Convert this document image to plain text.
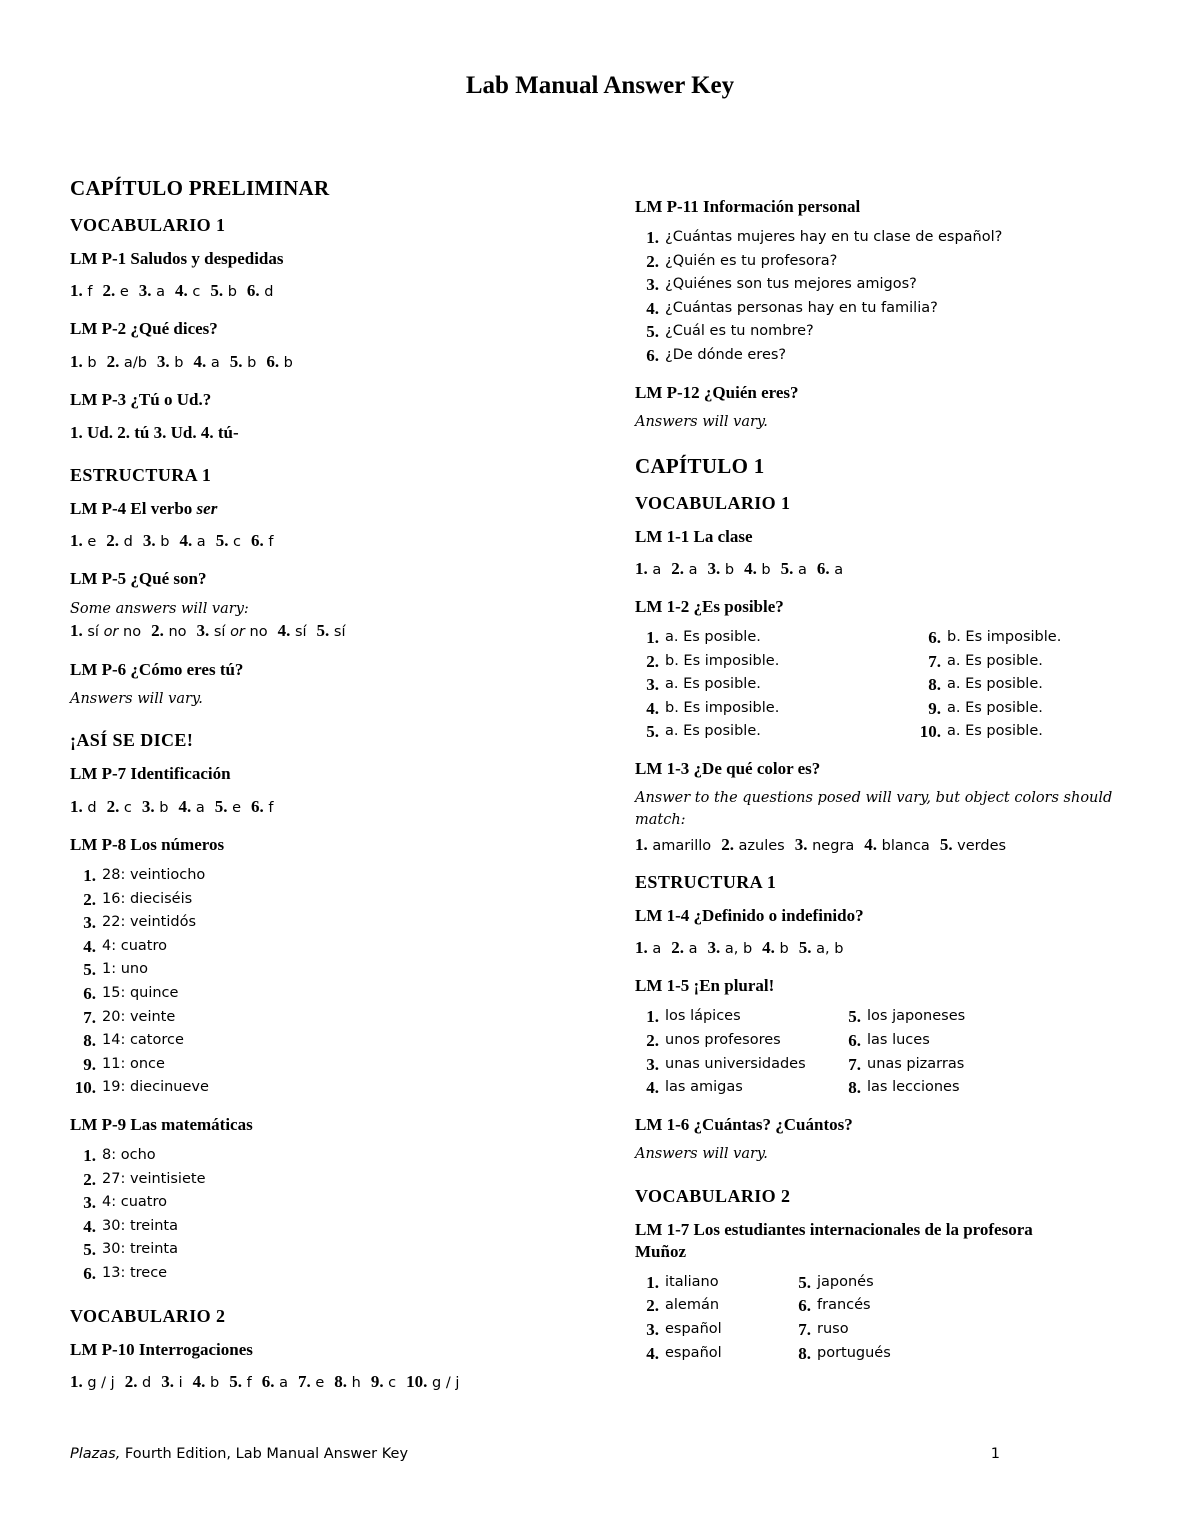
Lab Manual Answer Key
CAPÍTULO PRELIMINAR
VOCABULARIO 1
LM P-1 Saludos y despedidas
1. f 2. e 3. a 4. c 5. b 6. d
LM P-2 ¿Qué dices?
1. b 2. a/b 3. b 4. a 5. b 6. b
LM P-3 ¿Tú o Ud.?
1. Ud. 2. tú 3. Ud. 4. tú-
ESTRUCTURA 1
LM P-4 El verbo ser
1. e 2. d 3. b 4. a 5. c 6. f
LM P-5 ¿Qué son?
Some answers will vary:
1. sí or no 2. no 3. sí or no 4. sí 5. sí
LM P-6 ¿Cómo eres tú?
Answers will vary.
¡ASÍ SE DICE!
LM P-7 Identificación
1. d 2. c 3. b 4. a 5. e 6. f
LM P-8 Los números
1. 28: veintiocho
2. 16: dieciséis
3. 22: veintidós
4. 4: cuatro
5. 1: uno
6. 15: quince
7. 20: veinte
8. 14: catorce
9. 11: once
10. 19: diecinueve
LM P-9 Las matemáticas
1. 8: ocho
2. 27: veintisiete
3. 4: cuatro
4. 30: treinta
5. 30: treinta
6. 13: trece
VOCABULARIO 2
LM P-10 Interrogaciones
1. g / j 2. d 3. i 4. b 5. f 6. a 7. e 8. h 9. c 10. g / j
LM P-11 Información personal
1. ¿Cuántas mujeres hay en tu clase de español?
2. ¿Quién es tu profesora?
3. ¿Quiénes son tus mejores amigos?
4. ¿Cuántas personas hay en tu familia?
5. ¿Cuál es tu nombre?
6. ¿De dónde eres?
LM P-12 ¿Quién eres?
Answers will vary.
CAPÍTULO 1
VOCABULARIO 1
LM 1-1 La clase
1. a 2. a 3. b 4. b 5. a 6. a
LM 1-2 ¿Es posible?
1. a. Es posible.
2. b. Es imposible.
3. a. Es posible.
4. b. Es imposible.
5. a. Es posible.
6. b. Es imposible.
7. a. Es posible.
8. a. Es posible.
9. a. Es posible.
10. a. Es posible.
LM 1-3 ¿De qué color es?
Answer to the questions posed will vary, but object colors should match:
1. amarillo 2. azules 3. negra 4. blanca 5. verdes
ESTRUCTURA 1
LM 1-4 ¿Definido o indefinido?
1. a 2. a 3. a, b 4. b 5. a, b
LM 1-5 ¡En plural!
1. los lápices
2. unos profesores
3. unas universidades
4. las amigas
5. los japoneses
6. las luces
7. unas pizarras
8. las lecciones
LM 1-6 ¿Cuántas? ¿Cuántos?
Answers will vary.
VOCABULARIO 2
LM 1-7 Los estudiantes internacionales de la profesora Muñoz
1. italiano
2. alemán
3. español
4. español
5. japonés
6. francés
7. ruso
8. portugués
Plazas, Fourth Edition, Lab Manual Answer Key	1
